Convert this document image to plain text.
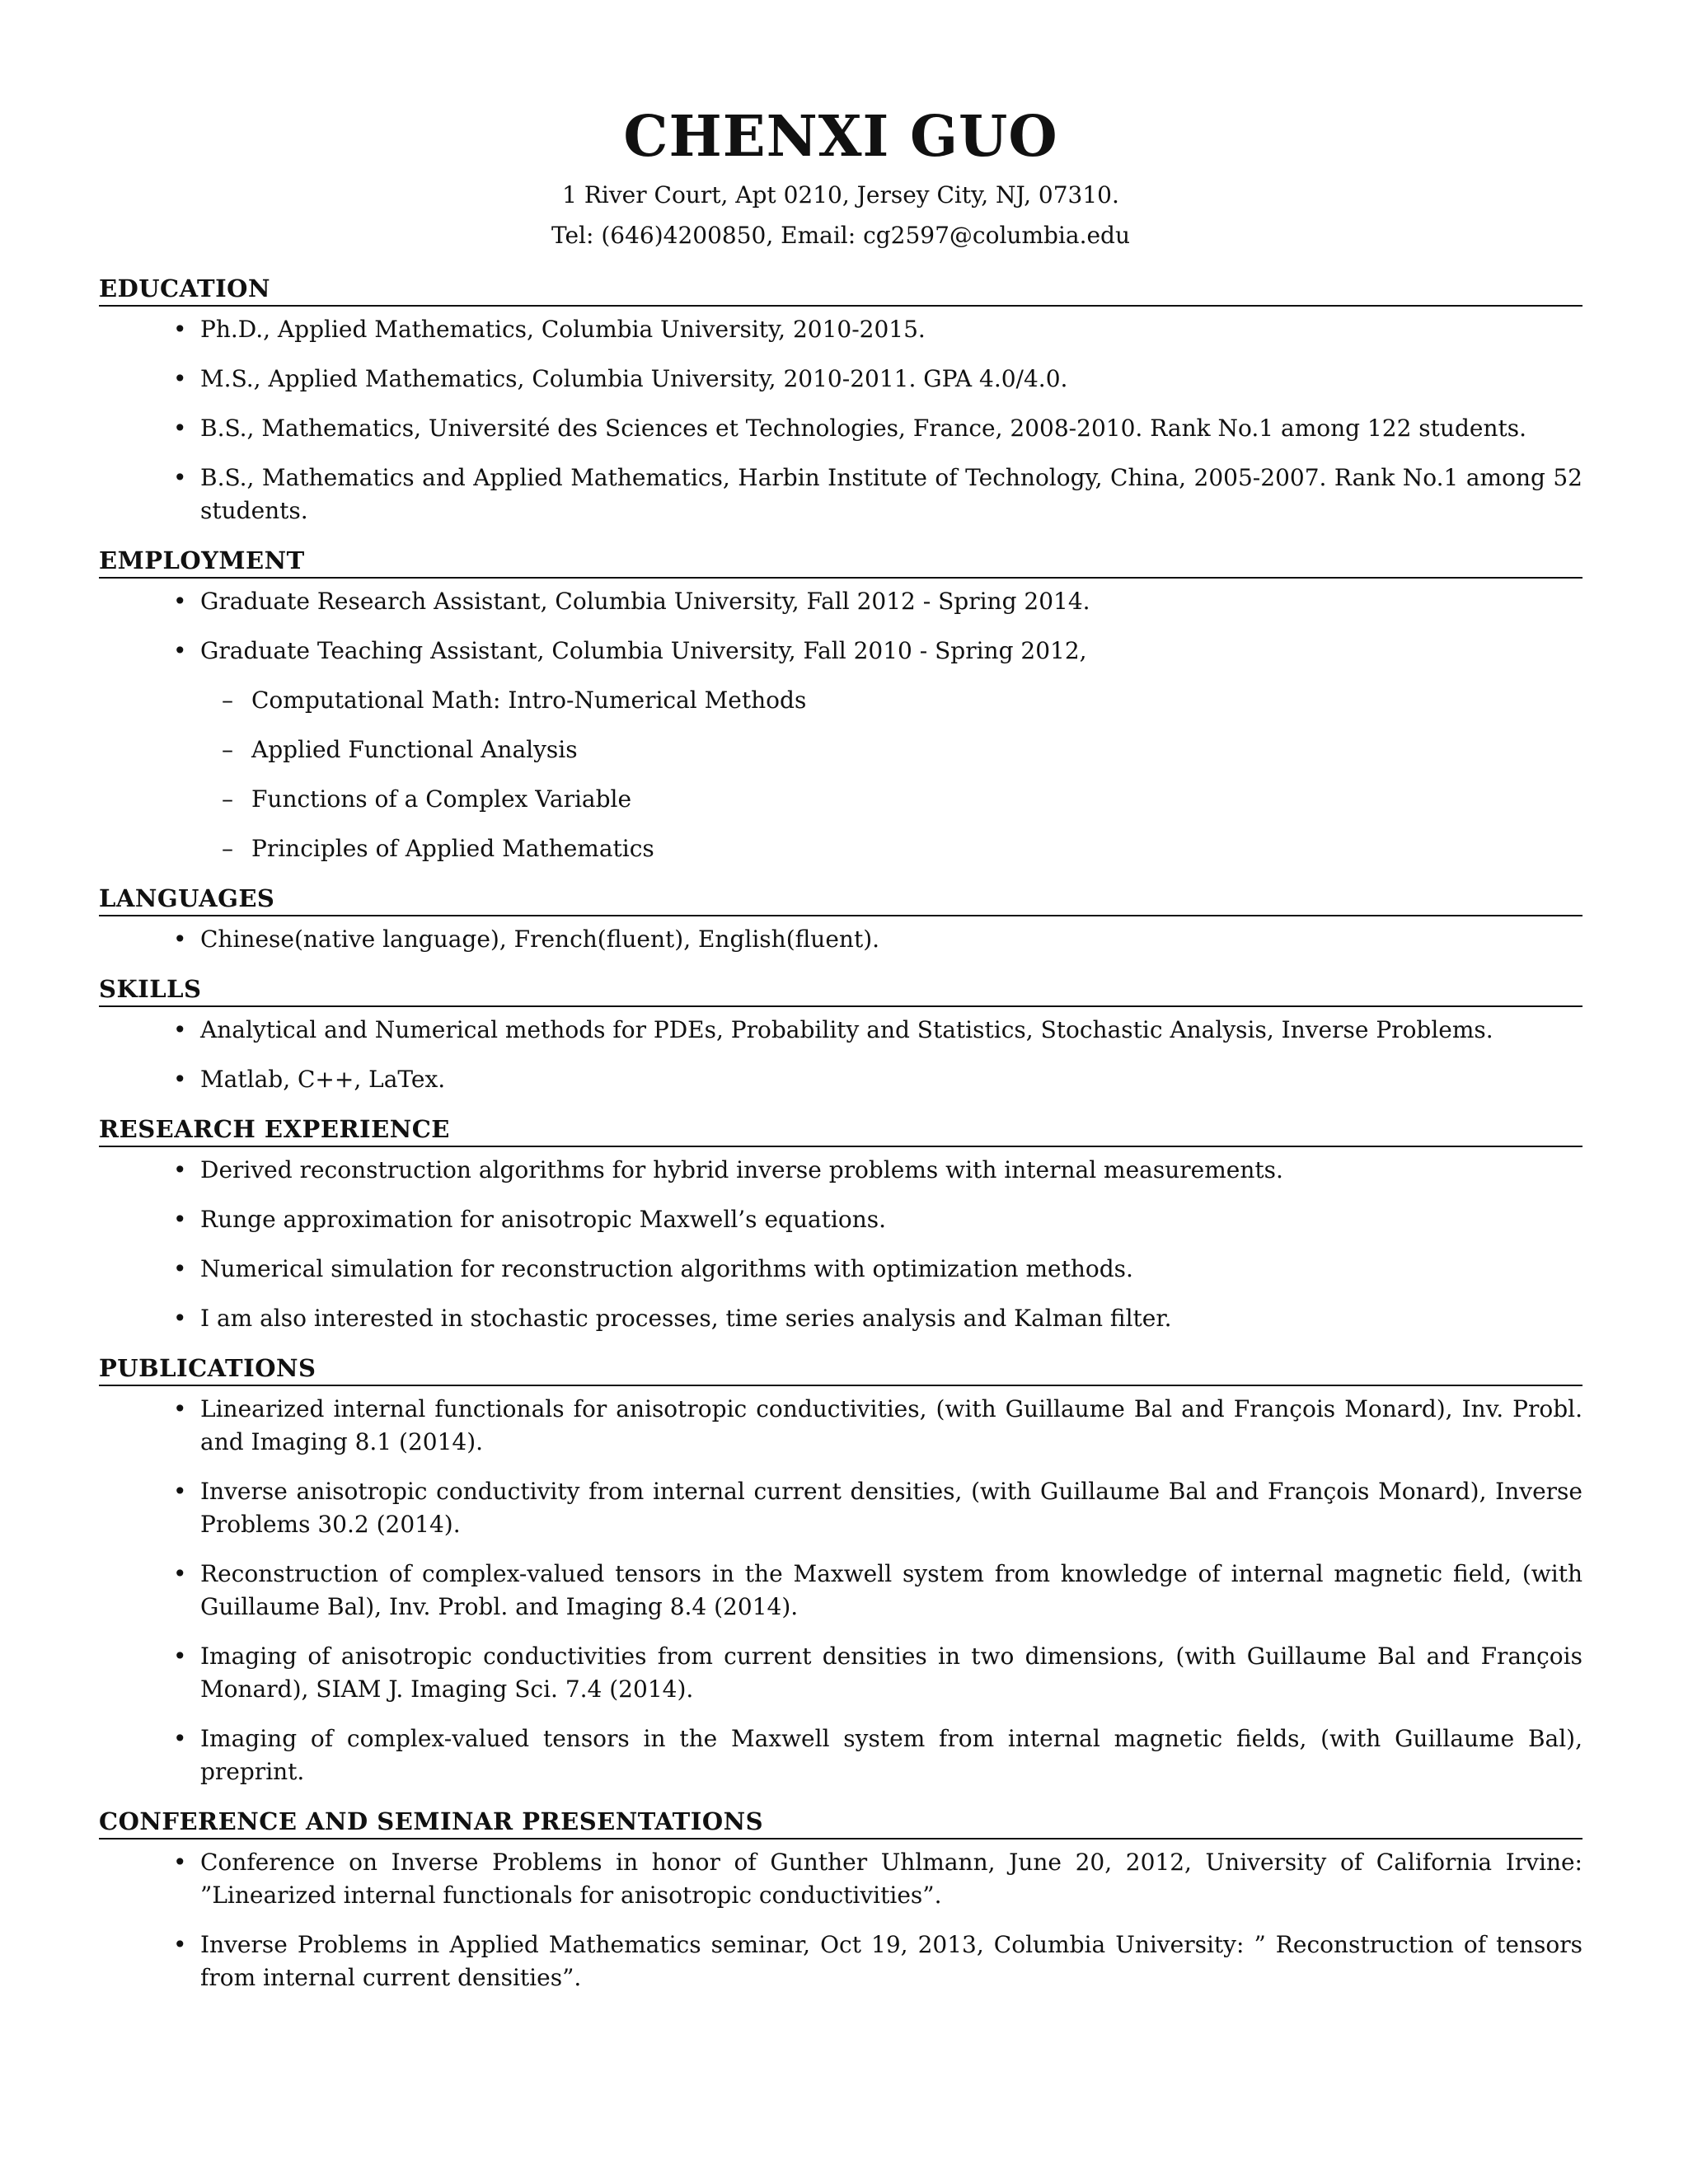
CHENXI GUO

1 River Court, Apt 0210, Jersey City, NJ, 07310.

Tel: (646)4200850, Email: cg2597@columbia.edu

EDUCATION
• Ph.D., Applied Mathematics, Columbia University, 2010-2015.
• M.S., Applied Mathematics, Columbia University, 2010-2011. GPA 4.0/4.0.
• B.S., Mathematics, Université des Sciences et Technologies, France, 2008-2010. Rank No.1 among 122 students.
• B.S., Mathematics and Applied Mathematics, Harbin Institute of Technology, China, 2005-2007. Rank No.1 among 52 students.
EMPLOYMENT
• Graduate Research Assistant, Columbia University, Fall 2012 - Spring 2014.
• Graduate Teaching Assistant, Columbia University, Fall 2010 - Spring 2012,
– Computational Math: Intro-Numerical Methods
– Applied Functional Analysis
– Functions of a Complex Variable
– Principles of Applied Mathematics
LANGUAGES
• Chinese(native language), French(fluent), English(fluent).
SKILLS
• Analytical and Numerical methods for PDEs, Probability and Statistics, Stochastic Analysis, Inverse Problems.
• Matlab, C++, LaTex.
RESEARCH EXPERIENCE
• Derived reconstruction algorithms for hybrid inverse problems with internal measurements.
• Runge approximation for anisotropic Maxwell’s equations.
• Numerical simulation for reconstruction algorithms with optimization methods.
• I am also interested in stochastic processes, time series analysis and Kalman filter.
PUBLICATIONS
• Linearized internal functionals for anisotropic conductivities, (with Guillaume Bal and François Monard), Inv. Probl. and Imaging 8.1 (2014).
• Inverse anisotropic conductivity from internal current densities, (with Guillaume Bal and François Monard), Inverse Problems 30.2 (2014).
• Reconstruction of complex-valued tensors in the Maxwell system from knowledge of internal magnetic field, (with Guillaume Bal), Inv. Probl. and Imaging 8.4 (2014).
• Imaging of anisotropic conductivities from current densities in two dimensions, (with Guillaume Bal and François Monard), SIAM J. Imaging Sci. 7.4 (2014).
• Imaging of complex-valued tensors in the Maxwell system from internal magnetic fields, (with Guillaume Bal), preprint.
CONFERENCE AND SEMINAR PRESENTATIONS
• Conference on Inverse Problems in honor of Gunther Uhlmann, June 20, 2012, University of California Irvine: ”Linearized internal functionals for anisotropic conductivities”.
• Inverse Problems in Applied Mathematics seminar, Oct 19, 2013, Columbia University: ” Reconstruction of tensors from internal current densities”.
